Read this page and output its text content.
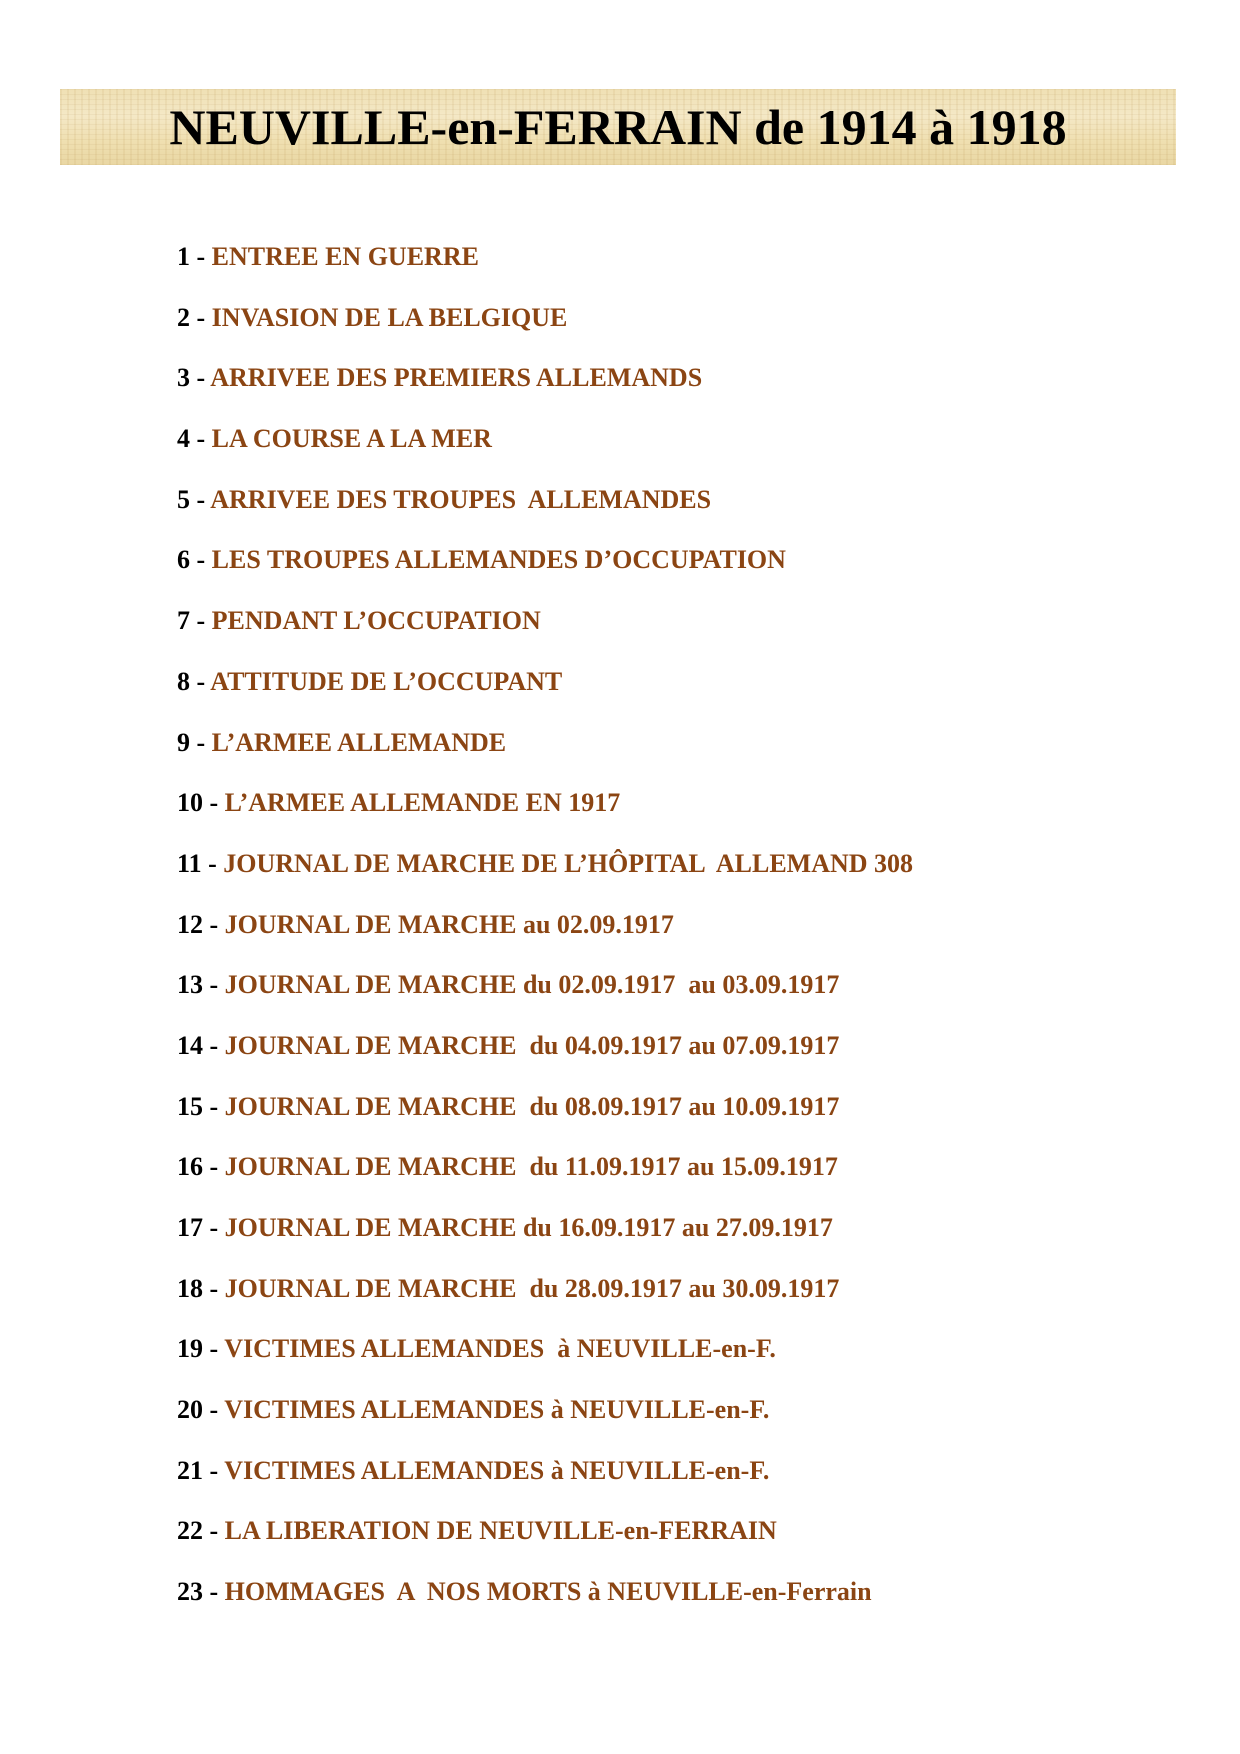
NEUVILLE-en-FERRAIN de 1914 à 1918
1 - ENTREE EN GUERRE
2 - INVASION DE LA BELGIQUE
3 - ARRIVEE DES PREMIERS ALLEMANDS
4 - LA COURSE A LA MER
5 - ARRIVEE DES TROUPES  ALLEMANDES
6 - LES TROUPES ALLEMANDES D’OCCUPATION
7 - PENDANT L’OCCUPATION
8 - ATTITUDE DE L’OCCUPANT
9 - L’ARMEE ALLEMANDE
10 - L’ARMEE ALLEMANDE EN 1917
11 - JOURNAL DE MARCHE DE L’HÔPITAL  ALLEMAND 308
12 - JOURNAL DE MARCHE au 02.09.1917
13 - JOURNAL DE MARCHE du 02.09.1917  au 03.09.1917
14 - JOURNAL DE MARCHE  du 04.09.1917 au 07.09.1917
15 - JOURNAL DE MARCHE  du 08.09.1917 au 10.09.1917
16 - JOURNAL DE MARCHE  du 11.09.1917 au 15.09.1917
17 - JOURNAL DE MARCHE du 16.09.1917 au 27.09.1917
18 - JOURNAL DE MARCHE  du 28.09.1917 au 30.09.1917
19 - VICTIMES ALLEMANDES  à NEUVILLE-en-F.
20 - VICTIMES ALLEMANDES à NEUVILLE-en-F.
21 - VICTIMES ALLEMANDES à NEUVILLE-en-F.
22 - LA LIBERATION DE NEUVILLE-en-FERRAIN
23 - HOMMAGES  A  NOS MORTS à NEUVILLE-en-Ferrain
